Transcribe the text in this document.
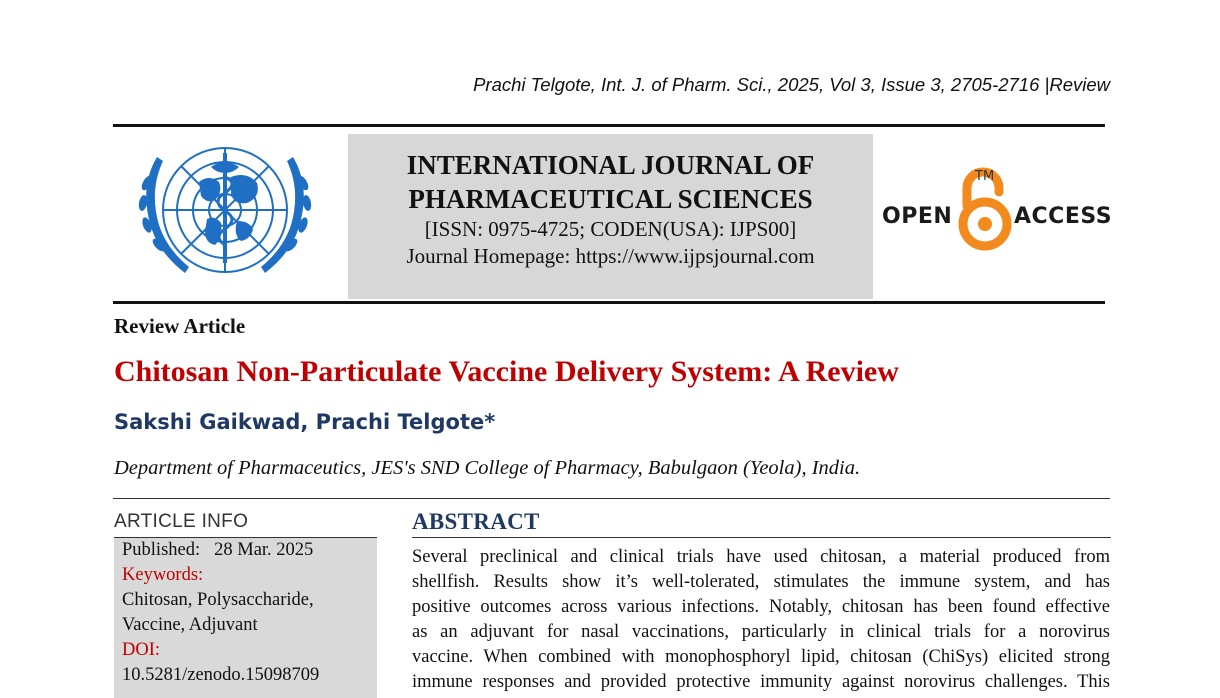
Prachi Telgote, Int. J. of Pharm. Sci., 2025, Vol 3, Issue 3, 2705-2716 |Review
INTERNATIONAL JOURNAL OF
PHARMACEUTICAL SCIENCES
[ISSN: 0975-4725; CODEN(USA): IJPS00]
Journal Homepage: https://www.ijpsjournal.com
OPEN
TM
ACCESS
Review Article
Chitosan Non-Particulate Vaccine Delivery System: A Review
Sakshi Gaikwad, Prachi Telgote*
Department of Pharmaceutics, JES's SND College of Pharmacy, Babulgaon (Yeola), India.
ARTICLE INFO
Published: 28 Mar. 2025
Keywords:
Chitosan, Polysaccharide,
Vaccine, Adjuvant
DOI:
10.5281/zenodo.15098709
ABSTRACT
Several preclinical and clinical trials have used chitosan, a material produced from
shellfish. Results show it’s well-tolerated, stimulates the immune system, and has
positive outcomes across various infections. Notably, chitosan has been found effective
as an adjuvant for nasal vaccinations, particularly in clinical trials for a norovirus
vaccine. When combined with monophosphoryl lipid, chitosan (ChiSys) elicited strong
immune responses and provided protective immunity against norovirus challenges. This
